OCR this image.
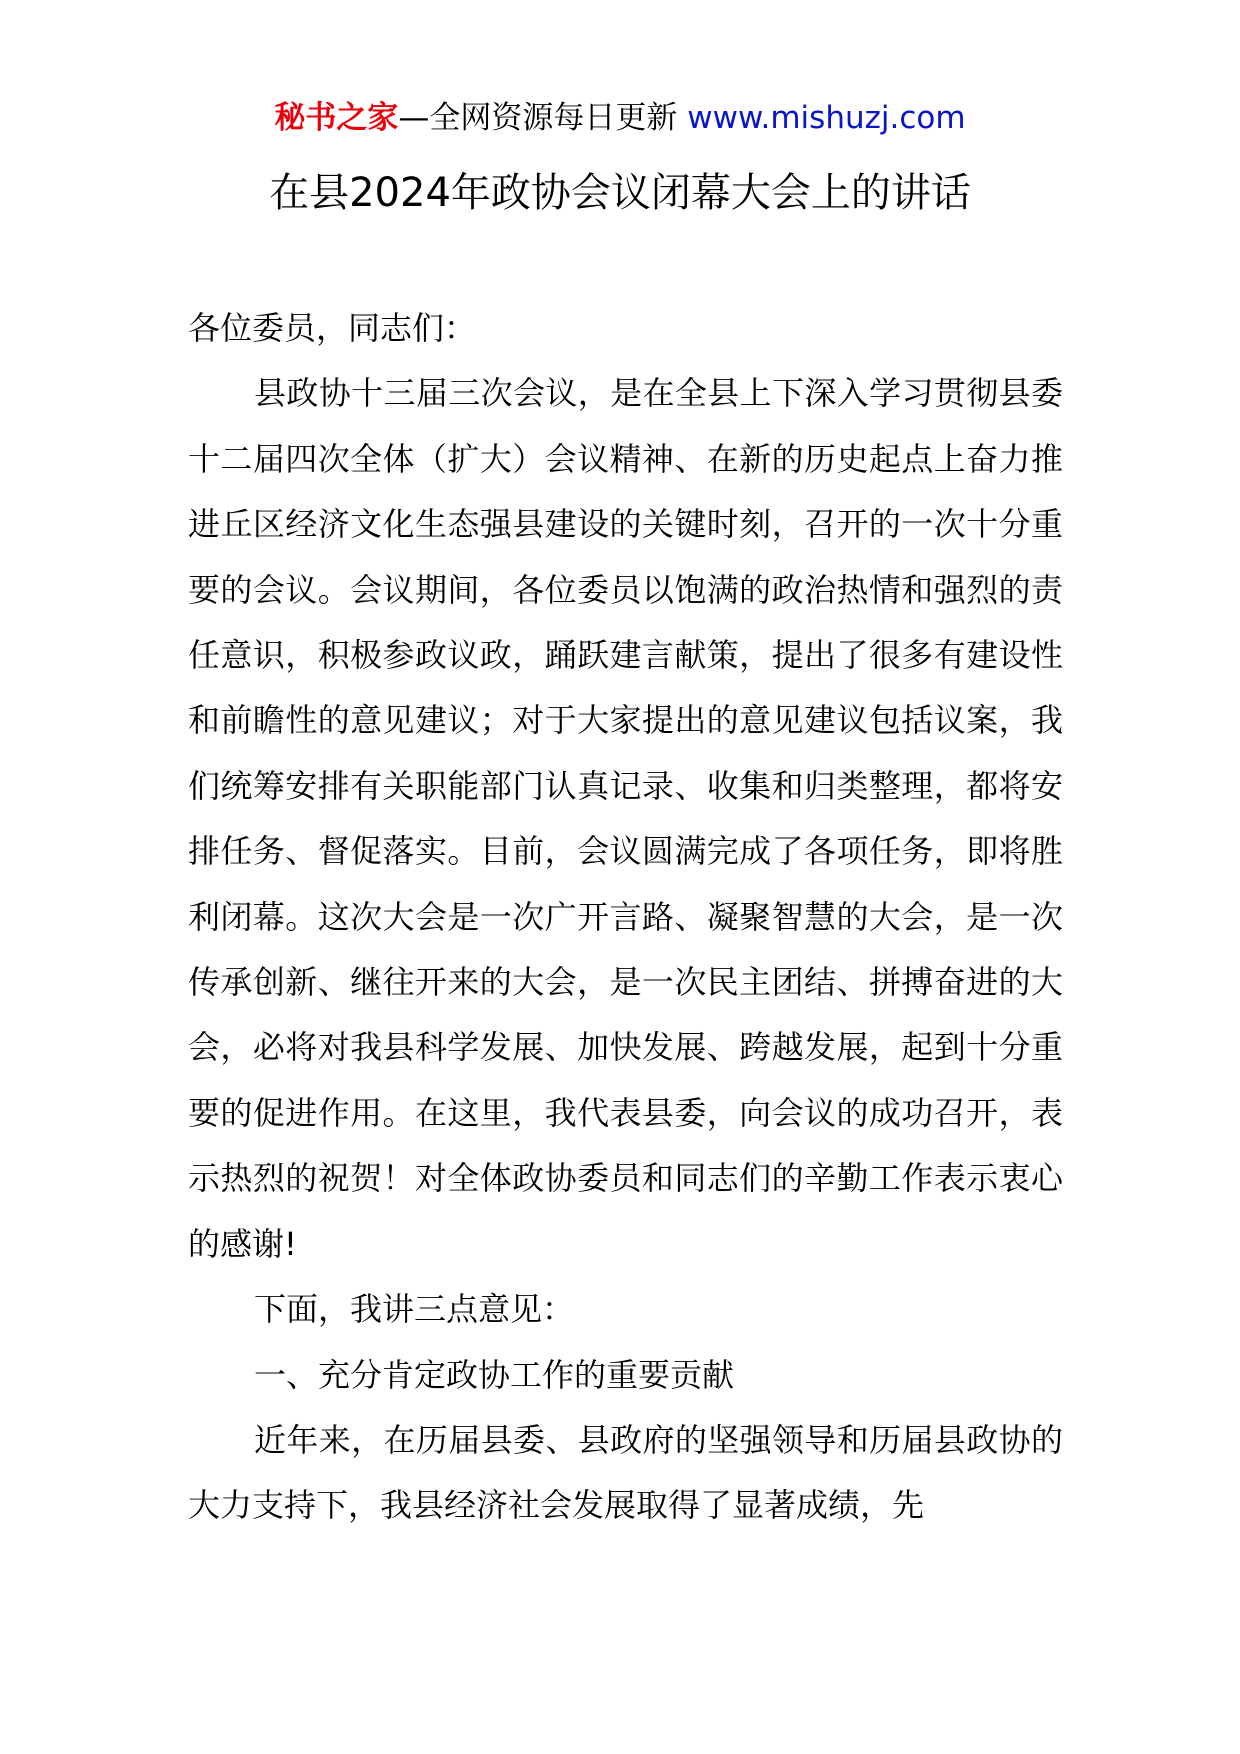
秘书之家—全网资源每日更新 www.mishuzj.com
在县2024年政协会议闭幕大会上的讲话

各位委员，同志们：

县政协十三届三次会议，是在全县上下深入学习贯彻县委十二届四次全体（扩大）会议精神、在新的历史起点上奋力推进丘区经济文化生态强县建设的关键时刻，召开的一次十分重要的会议。会议期间，各位委员以饱满的政治热情和强烈的责任意识，积极参政议政，踊跃建言献策，提出了很多有建设性和前瞻性的意见建议；对于大家提出的意见建议包括议案，我们统筹安排有关职能部门认真记录、收集和归类整理，都将安排任务、督促落实。目前，会议圆满完成了各项任务，即将胜利闭幕。这次大会是一次广开言路、凝聚智慧的大会，是一次传承创新、继往开来的大会，是一次民主团结、拼搏奋进的大会，必将对我县科学发展、加快发展、跨越发展，起到十分重要的促进作用。在这里，我代表县委，向会议的成功召开，表示热烈的祝贺！对全体政协委员和同志们的辛勤工作表示衷心的感谢!

下面，我讲三点意见：

一、充分肯定政协工作的重要贡献

近年来，在历届县委、县政府的坚强领导和历届县政协的大力支持下，我县经济社会发展取得了显著成绩，先
